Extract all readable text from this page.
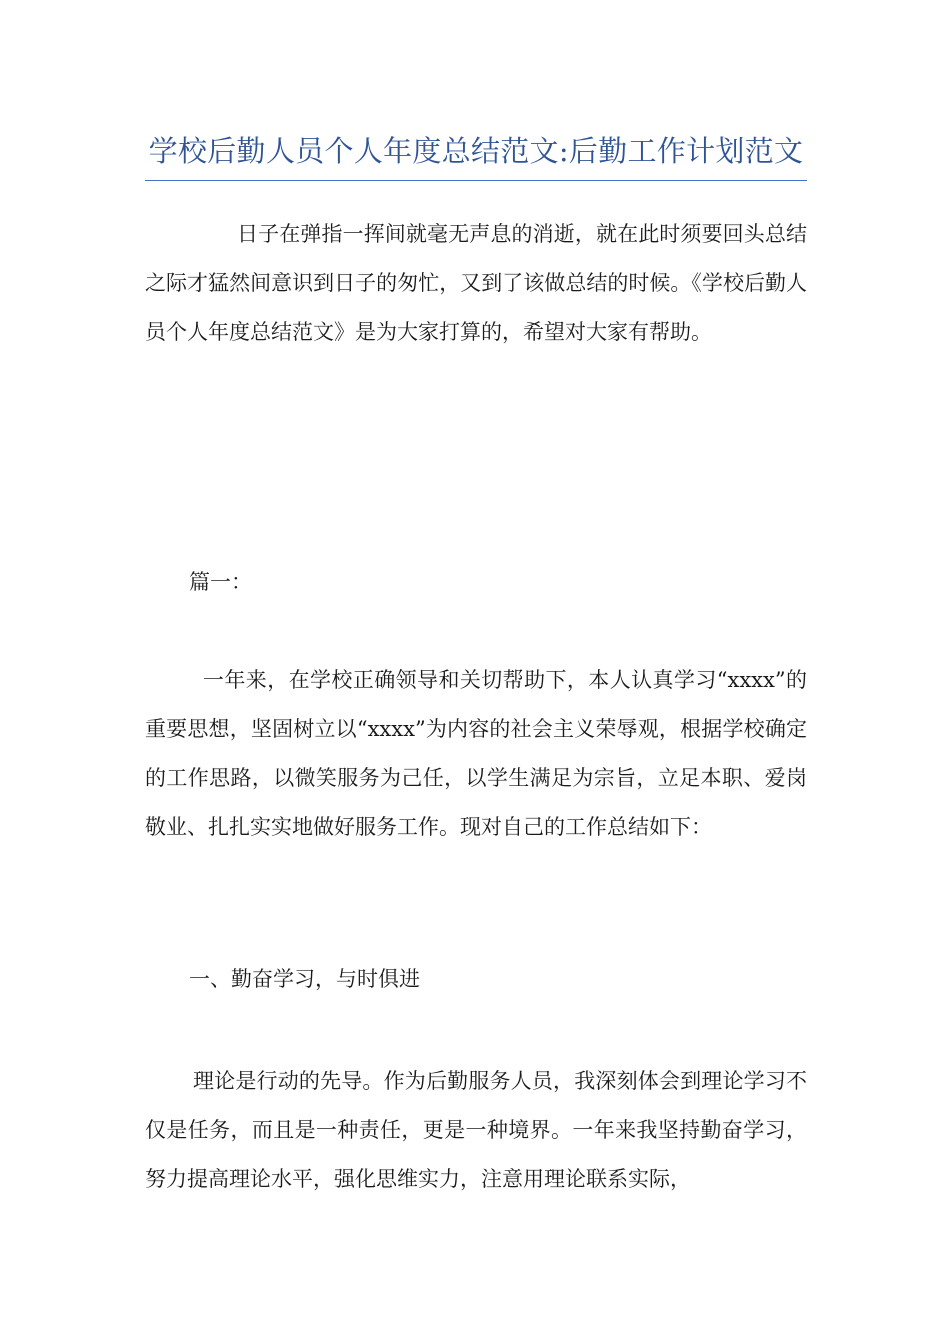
学校后勤人员个人年度总结范文:后勤工作计划范文

日子在弹指一挥间就毫无声息的消逝，就在此时须要回头总结之际才猛然间意识到日子的匆忙，又到了该做总结的时候。《学校后勤人员个人年度总结范文》是为大家打算的，希望对大家有帮助。

篇一：

一年来，在学校正确领导和关切帮助下，本人认真学习“xxxx”的重要思想，坚固树立以“xxxx”为内容的社会主义荣辱观，根据学校确定的工作思路，以微笑服务为己任，以学生满足为宗旨，立足本职、爱岗敬业、扎扎实实地做好服务工作。现对自己的工作总结如下：

一、勤奋学习，与时俱进

理论是行动的先导。作为后勤服务人员，我深刻体会到理论学习不仅是任务，而且是一种责任，更是一种境界。一年来我坚持勤奋学习，努力提高理论水平，强化思维实力，注意用理论联系实际，
